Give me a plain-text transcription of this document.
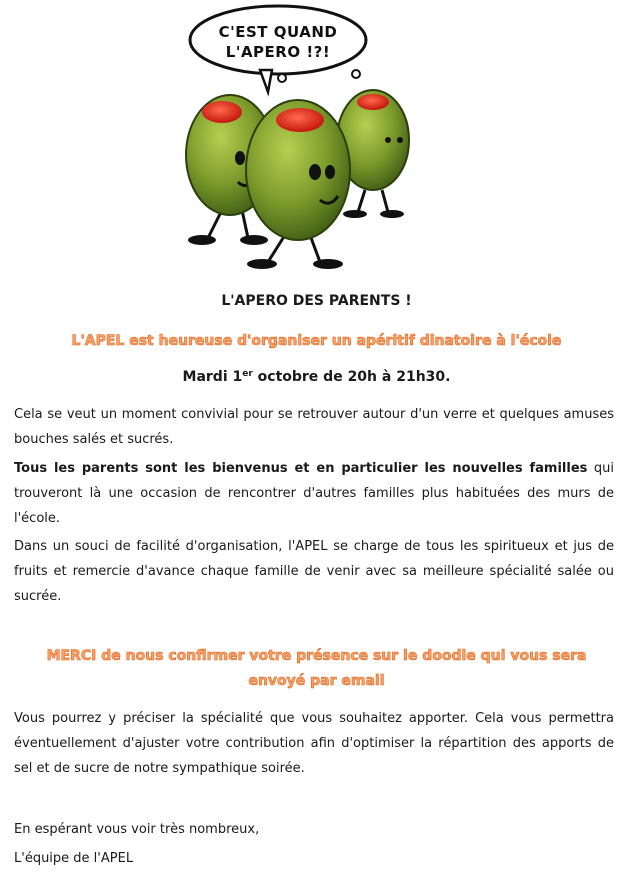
C'EST QUAND
L'APERO !?!
L'APERO DES PARENTS !

L'APEL est heureuse d'organiser un apéritif dinatoire à l'école

Mardi 1er octobre de 20h à 21h30.

Cela se veut un moment convivial pour se retrouver autour d'un verre et quelques amuses bouches salés et sucrés.

Tous les parents sont les bienvenus et en particulier les nouvelles familles qui trouveront là une occasion de rencontrer d'autres familles plus habituées des murs de l'école.

Dans un souci de facilité d'organisation, l'APEL se charge de tous les spiritueux et jus de fruits et remercie d'avance chaque famille de venir avec sa meilleure spécialité salée ou sucrée.

MERCI de nous confirmer votre présence sur le doodle qui vous sera

envoyé par email

Vous pourrez y préciser la spécialité que vous souhaitez apporter. Cela vous permettra éventuellement d'ajuster votre contribution afin d'optimiser la répartition des apports de sel et de sucre de notre sympathique soirée.

En espérant vous voir très nombreux,

L'équipe de l'APEL
